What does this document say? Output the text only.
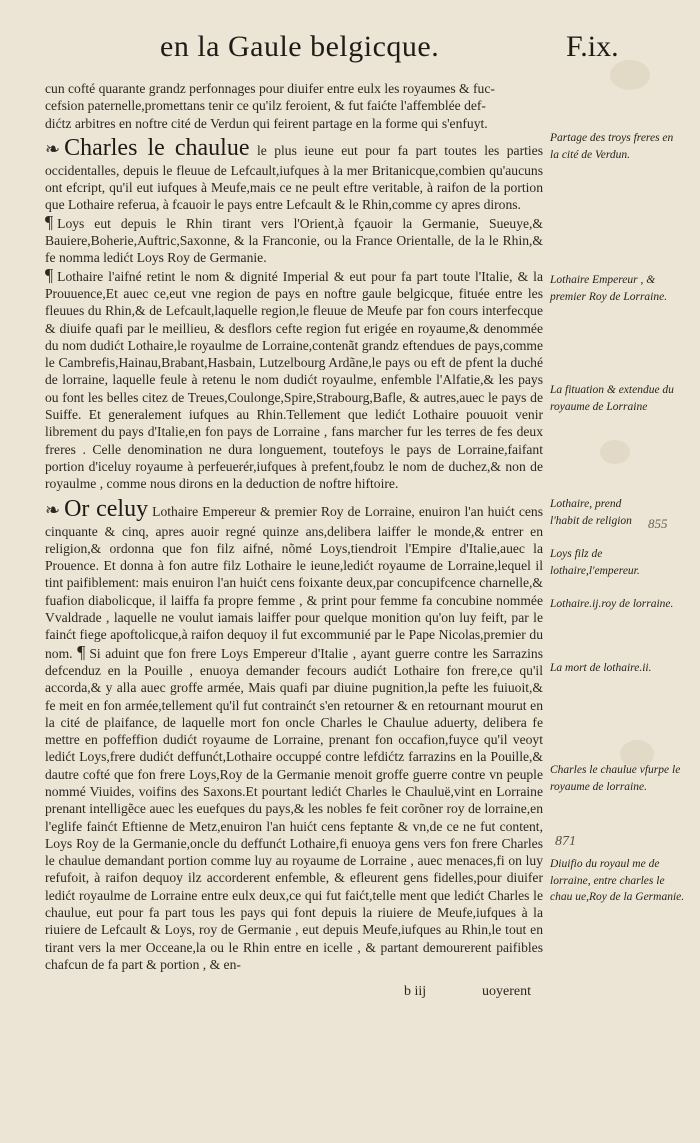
en la Gaule belgicque.	F.ix.

cun cofté quarante grandz perfonnages pour diuifer entre eulx les royaumes & fuc-

cefsion paternelle,promettans tenir ce qu'ilz feroient, & fut faićte l'affemblée def-

dićtz arbitres en noftre cité de Verdun qui feirent partage en la forme qui s'enfuyt.

❧ Charles le chaulue le plus ieune eut pour fa part toutes les parties occidentalles, depuis le fleuue de Lefcault,iufques à la mer Britanicque,combien qu'aucuns ont efcript, qu'il eut iufques à Meufe,mais ce ne peult eftre veritable, à raifon de la portion que Lothaire referua, à fcauoir le pays entre Lefcault & le Rhin,comme cy apres dirons.

¶ Loys eut depuis le Rhin tirant vers l'Orient,à fçauoir la Germanie, Sueuye,& Bauiere,Boherie,Auftric,Saxonne, & la Franconie, ou la France Orientalle, de la le Rhin,& fe nomma ledićt Loys Roy de Germanie.

¶ Lothaire l'aifné retint le nom & dignité Imperial & eut pour fa part toute l'Italie, & la Prouuence,Et auec ce,eut vne region de pays en noftre gaule belgicque, fituée entre les fleuues du Rhin,& de Lefcault,laquelle region,le fleuue de Meufe par fon cours interfecque & diuife quafi par le meillieu, & desflors cefte region fut erigée en royaume,& denommée du nom dudićt Lothaire,le royaulme de Lorraine,contenãt grandz eftendues de pays,comme le Cambrefis,Hainau,Brabant,Hasbain, Lutzelbourg Ardãne,le pays ou eft de pfent la duché de lorraine, laquelle feule à retenu le nom dudićt royaulme, enfemble l'Alfatie,& les pays ou font les belles citez de Treues,Coulonge,Spire,Strabourg,Bafle, & autres,auec le pays de Suiffe. Et generalement iufques au Rhin.Tellement que ledićt Lothaire pouuoit venir librement du pays d'Italie,en fon pays de Lorraine , fans marcher fur les terres de fes deux freres . Celle denomination ne dura longuement, toutefoys le pays de Lorraine,faifant portion d'iceluy royaume à perfeuerér,iufques à prefent,foubz le nom de duchez,& non de royaulme , comme nous dirons en la deduction de noftre hiftoire.

❧ Or celuy Lothaire Empereur & premier Roy de Lorraine, enuiron l'an huićt cens cinquante & cinq, apres auoir regné quinze ans,delibera laiffer le monde,& entrer en religion,& ordonna que fon filz aifné, nõmé Loys,tiendroit l'Empire d'Italie,auec la Prouence. Et donna à fon autre filz Lothaire le ieune,ledićt royaume de Lorraine,lequel il tint paifiblement: mais enuiron l'an huićt cens foixante deux,par concupifcence charnelle,& fuafion diabolicque, il laiffa fa propre femme , & print pour femme fa concubine nommée Vvaldrade , laquelle ne voulut iamais laiffer pour quelque monition qu'on luy feift, par le fainćt fiege apoftolicque,à raifon dequoy il fut excommunié par le Pape Nicolas,premier du nom. ¶ Si aduint que fon frere Loys Empereur d'Italie , ayant guerre contre les Sarrazins defcenduz en la Pouille , enuoya demander fecours audićt Lothaire fon frere,ce qu'il accorda,& y alla auec groffe armée, Mais quafi par diuine pugnition,la pefte les fuiuoit,& fe meit en fon armée,tellement qu'il fut contrainćt s'en retourner & en retournant mourut en la cité de plaifance, de laquelle mort fon oncle Charles le Chaulue aduerty, delibera fe mettre en poffeffion dudićt royaume de Lorraine, prenant fon occafion,fuyce qu'il veoyt ledićt Loys,frere dudićt deffunćt,Lothaire occuppé contre lefdićtz farrazins en la Pouille,& dautre cofté que fon frere Loys,Roy de la Germanie menoit groffe guerre contre vn peuple nommé Viuides, voifins des Saxons.Et pourtant ledićt Charles le Chauluë,vint en Lorraine prenant intelligẽce auec les euefques du pays,& les nobles fe feit corõner roy de lorraine,en l'eglife fainćt Eftienne de Metz,enuiron l'an huićt cens feptante & vn,de ce ne fut content, Loys Roy de la Germanie,oncle du deffunćt Lothaire,fi enuoya gens vers fon frere Charles le chaulue demandant portion comme luy au royaume de Lorraine , auec menaces,fi on luy refufoit, à raifon dequoy ilz accorderent enfemble, & efleurent gens fidelles,pour diuifer ledićt royaulme de Lorraine entre eulx deux,ce qui fut faićt,telle ment que ledićt Charles le chaulue, eut pour fa part tous les pays qui font depuis la riuiere de Meufe,iufques à la riuiere de Lefcault & Loys, roy de Germanie , eut depuis Meufe,iufques au Rhin,le tout en tirant vers la mer Occeane,la ou le Rhin entre en icelle , & partant demourerent paifibles chafcun de fa part & portion , & en-

Partage des troys freres en la cité de Verdun.
Lothaire Empereur , & premier Roy de Lorraine.
La fituation & extendue du royaume de Lorraine
Lothaire, prend l'habit de religion
Loys filz de lothaire,l'empereur.
Lothaire.ij.roy de lorraine.
La mort de lothaire.ii.
Charles le chaulue vfurpe le royaume de lorraine.
Diuifio du royaul me de lorraine, entre charles le chau ue,Roy de la Germanie.
871
855
b iij	uoyerent
